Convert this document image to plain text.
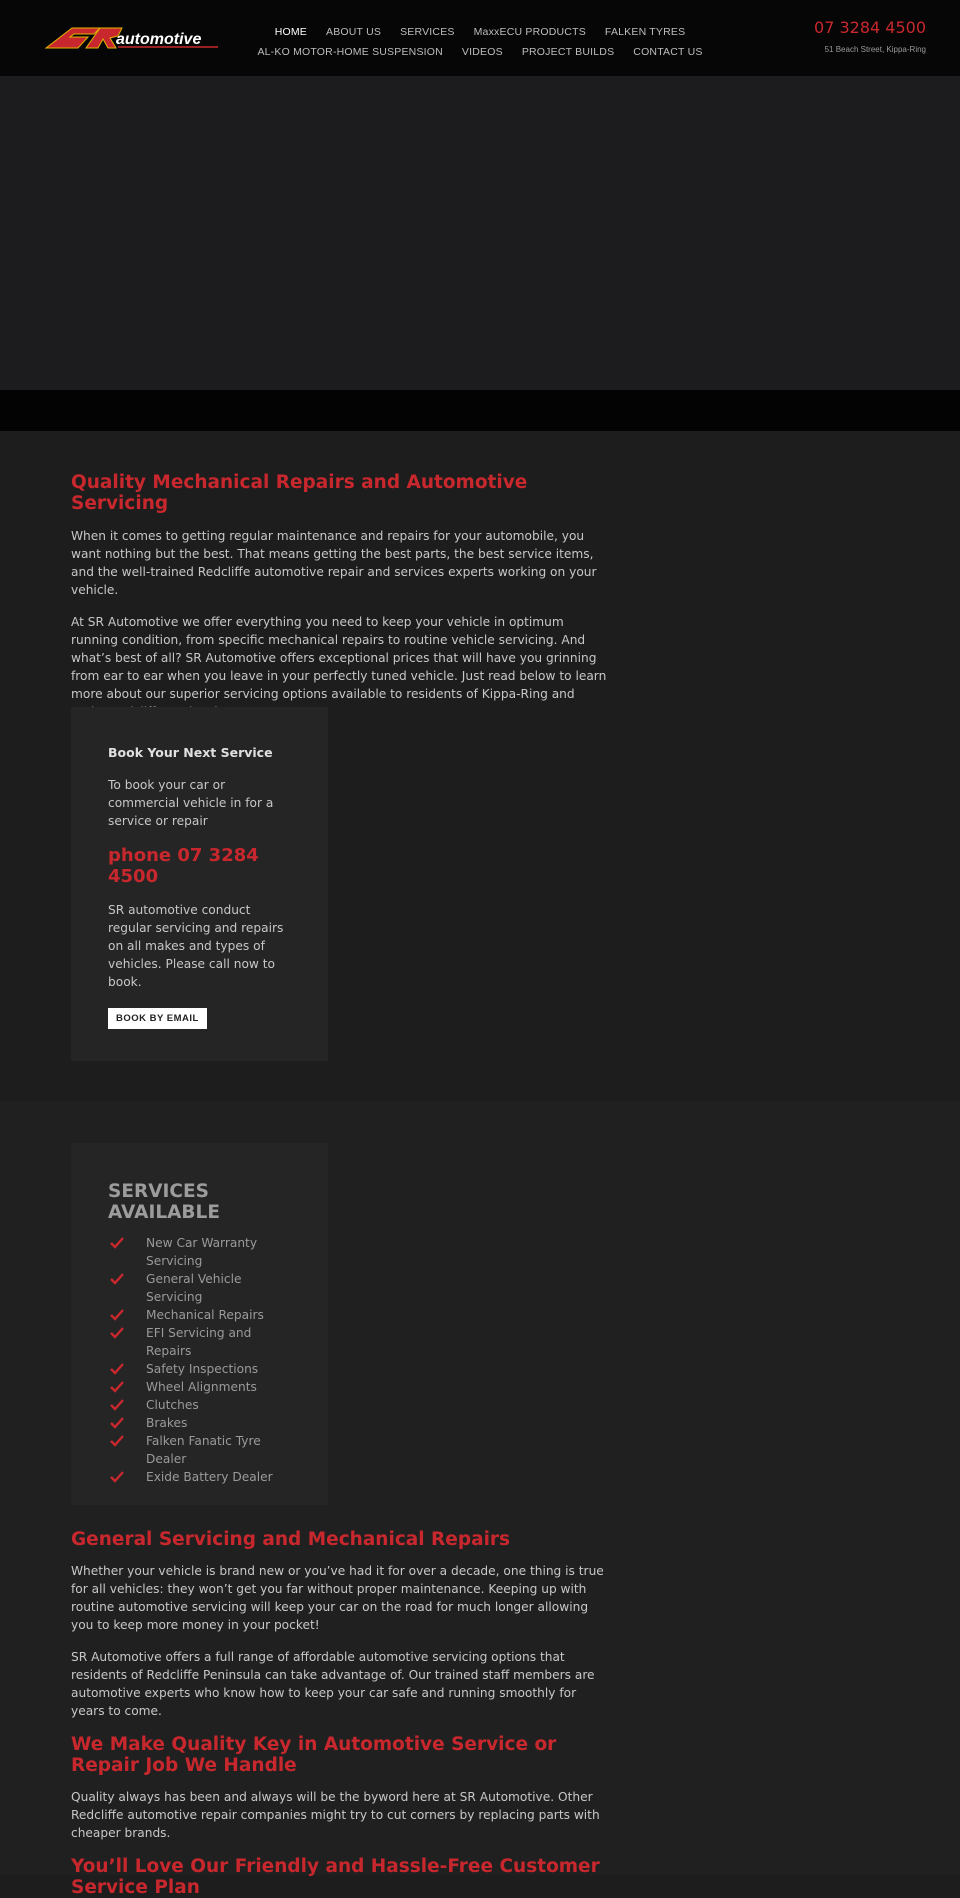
automotive	HOME ABOUT US SERVICES MaxxECU PRODUCTS FALKEN TYRES
AL-KO MOTOR-HOME SUSPENSION VIDEOS PROJECT BUILDS CONTACT US
07 3284 4500
51 Beach Street, Kippa-Ring
Quality Mechanical Repairs and Automotive Servicing

When it comes to getting regular maintenance and repairs for your automobile, you want nothing but the best. That means getting the best parts, the best service items, and the well-trained Redcliffe automotive repair and services experts working on your vehicle.

At SR Automotive we offer everything you need to keep your vehicle in optimum running condition, from specific mechanical repairs to routine vehicle servicing. And what’s best of all? SR Automotive offers exceptional prices that will have you grinning from ear to ear when you leave in your perfectly tuned vehicle. Just read below to learn more about our superior servicing options available to residents of Kippa-Ring and

Book Your Next Service

To book your car or commercial vehicle in for a service or repair

phone 07 3284 4500

SR automotive conduct regular servicing and repairs on all makes and types of vehicles. Please call now to book.

BOOK BY EMAIL
SERVICES AVAILABLE
New Car Warranty Servicing
General Vehicle Servicing
Mechanical Repairs
EFI Servicing and Repairs
Safety Inspections
Wheel Alignments
Clutches
Brakes
Falken Fanatic Tyre Dealer
Exide Battery Dealer
General Servicing and Mechanical Repairs

Whether your vehicle is brand new or you’ve had it for over a decade, one thing is true for all vehicles: they won’t get you far without proper maintenance. Keeping up with routine automotive servicing will keep your car on the road for much longer allowing you to keep more money in your pocket!

SR Automotive offers a full range of affordable automotive servicing options that residents of Redcliffe Peninsula can take advantage of. Our trained staff members are automotive experts who know how to keep your car safe and running smoothly for years to come.

We Make Quality Key in Automotive Service or Repair Job We Handle

Quality always has been and always will be the byword here at SR Automotive. Other Redcliffe automotive repair companies might try to cut corners by replacing parts with cheaper brands.

You’ll Love Our Friendly and Hassle-Free Customer Service Plan
